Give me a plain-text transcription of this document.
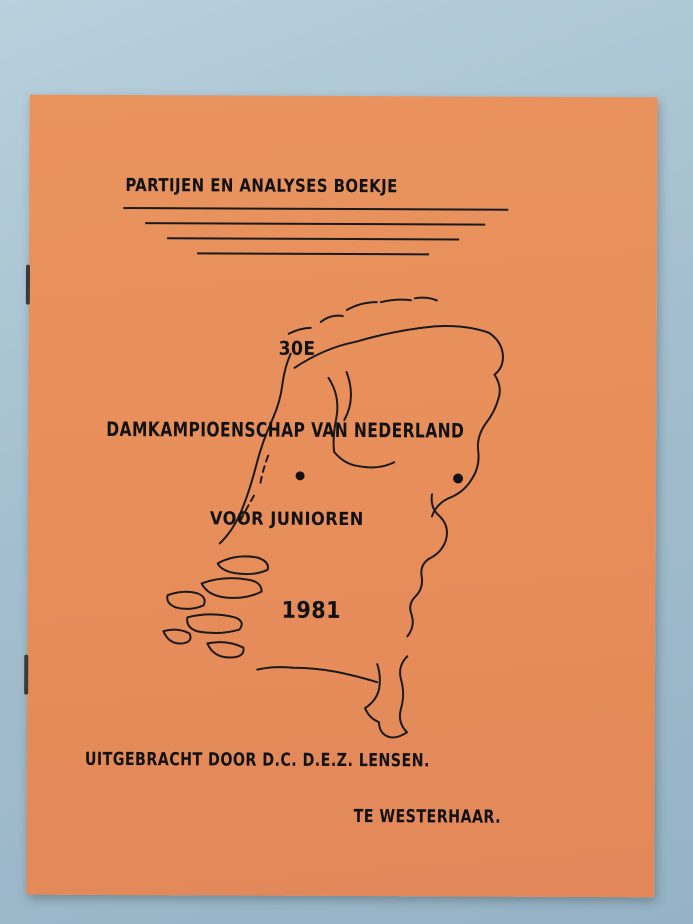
PARTIJEN EN ANALYSES BOEKJE
30E
DAMKAMPIOENSCHAP VAN NEDERLAND
VOOR JUNIOREN
1981
UITGEBRACHT DOOR D.C. D.E.Z. LENSEN.
TE WESTERHAAR.
